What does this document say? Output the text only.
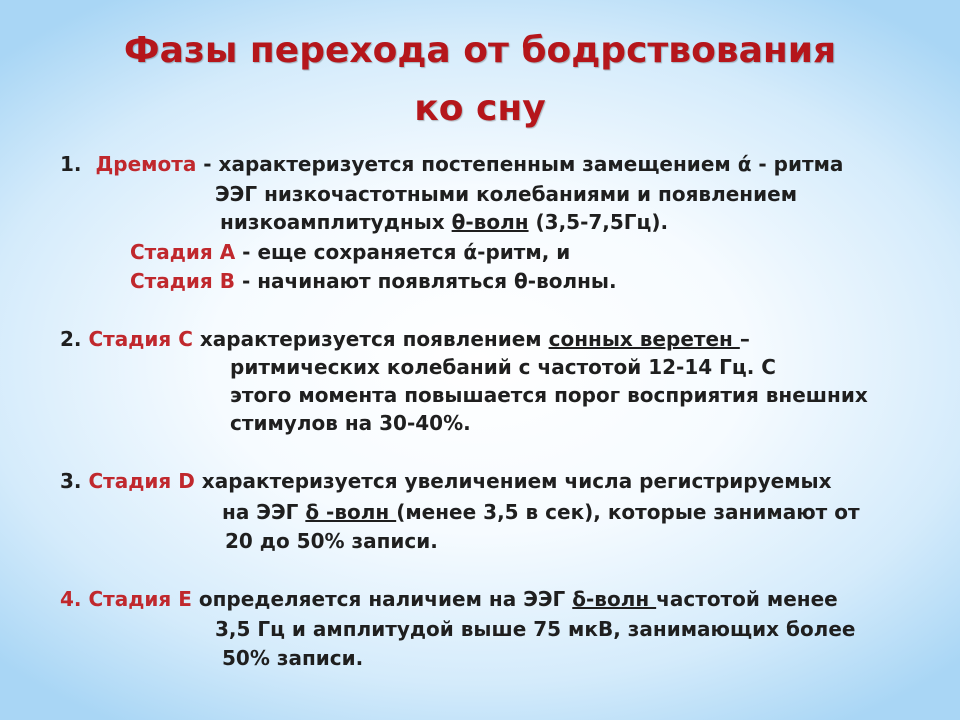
Фазы перехода от бодрствования
ко сну
1. Дремота - характеризуется постепенным замещением ά - ритма
ЭЭГ низкочастотными колебаниями и появлением
низкоамплитудных θ-волн (3,5-7,5Гц).
Стадия А - еще сохраняется ά-ритм, и
Стадия В - начинают появляться θ-волны.
2. Стадия С характеризуется появлением сонных веретен –
ритмических колебаний с частотой 12-14 Гц. С
этого момента повышается порог восприятия внешних
стимулов на 30-40%.
3. Стадия D характеризуется увеличением числа регистрируемых
на ЭЭГ δ -волн (менее 3,5 в сек), которые занимают от
20 до 50% записи.
4. Стадия Е определяется наличием на ЭЭГ δ-волн частотой менее
3,5 Гц и амплитудой выше 75 мкВ, занимающих более
50% записи.
